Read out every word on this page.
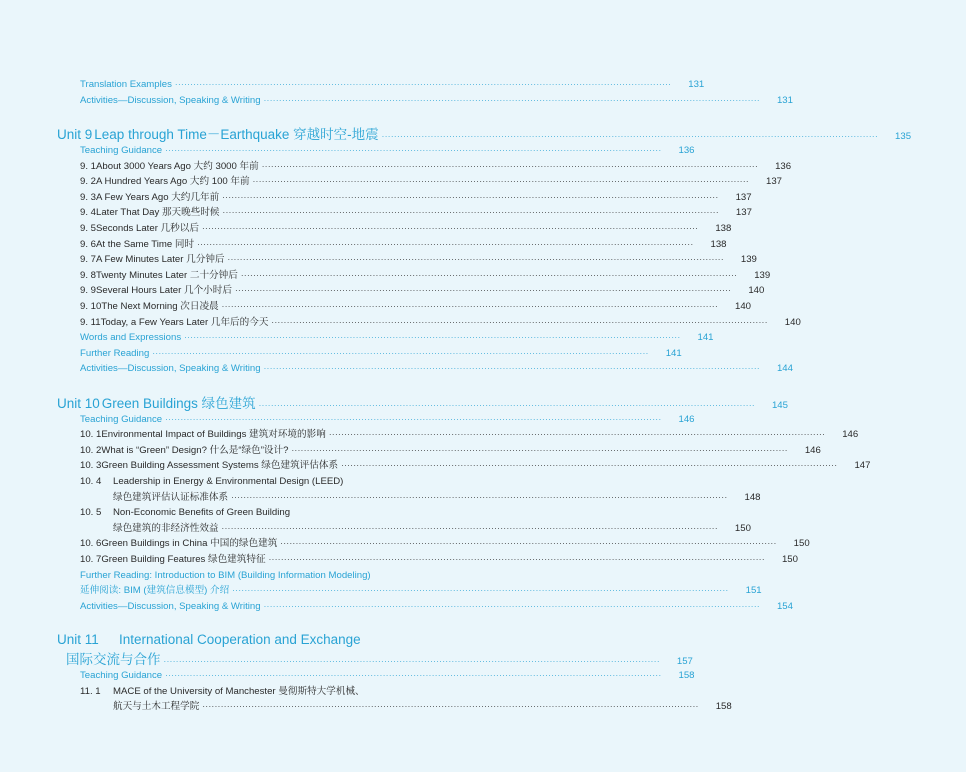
Translation Examples ··································································································································································	131
Activities—Discussion, Speaking & Writing ··································································································································································	131
Unit 9 Leap through Time－Earthquake 穿越时空-地震 ··································································································································································	135
Teaching Guidance ··································································································································································	136
9. 1 About 3000 Years Ago 大约 3000 年前 ··································································································································································	136
9. 2 A Hundred Years Ago 大约 100 年前 ··································································································································································	137
9. 3 A Few Years Ago 大约几年前 ··································································································································································	137
9. 4 Later That Day 那天晚些时候 ··································································································································································	137
9. 5 Seconds Later 几秒以后 ··································································································································································	138
9. 6 At the Same Time 同时 ··································································································································································	138
9. 7 A Few Minutes Later 几分钟后 ··································································································································································	139
9. 8 Twenty Minutes Later 二十分钟后 ··································································································································································	139
9. 9 Several Hours Later 几个小时后 ··································································································································································	140
9. 10 The Next Morning 次日凌晨 ··································································································································································	140
9. 11 Today, a Few Years Later 几年后的今天 ··································································································································································	140
Words and Expressions ··································································································································································	141
Further Reading ··································································································································································	141
Activities—Discussion, Speaking & Writing ··································································································································································	144
Unit 10 Green Buildings 绿色建筑 ··································································································································································	145
Teaching Guidance ··································································································································································	146
10. 1 Environmental Impact of Buildings 建筑对环境的影响 ··································································································································································	146
10. 2 What is “Green” Design? 什么是“绿色”设计? ··································································································································································	146
10. 3 Green Building Assessment Systems 绿色建筑评估体系 ··································································································································································	147
10. 4	Leadership in Energy & Environmental Design (LEED)
绿色建筑评估认证标准体系 ··································································································································································	148
10. 5	Non-Economic Benefits of Green Building
绿色建筑的非经济性效益 ··································································································································································	150
10. 6 Green Buildings in China 中国的绿色建筑 ··································································································································································	150
10. 7 Green Building Features 绿色建筑特征 ··································································································································································	150
Further Reading: Introduction to BIM (Building Information Modeling)
延伸阅读: BIM (建筑信息模型) 介绍 ··································································································································································	151
Activities—Discussion, Speaking & Writing ··································································································································································	154
Unit 11	International Cooperation and Exchange
国际交流与合作 ··································································································································································	157
Teaching Guidance ··································································································································································	158
11. 1	MACE of the University of Manchester 曼彻斯特大学机械、
航天与土木工程学院 ··································································································································································	158
